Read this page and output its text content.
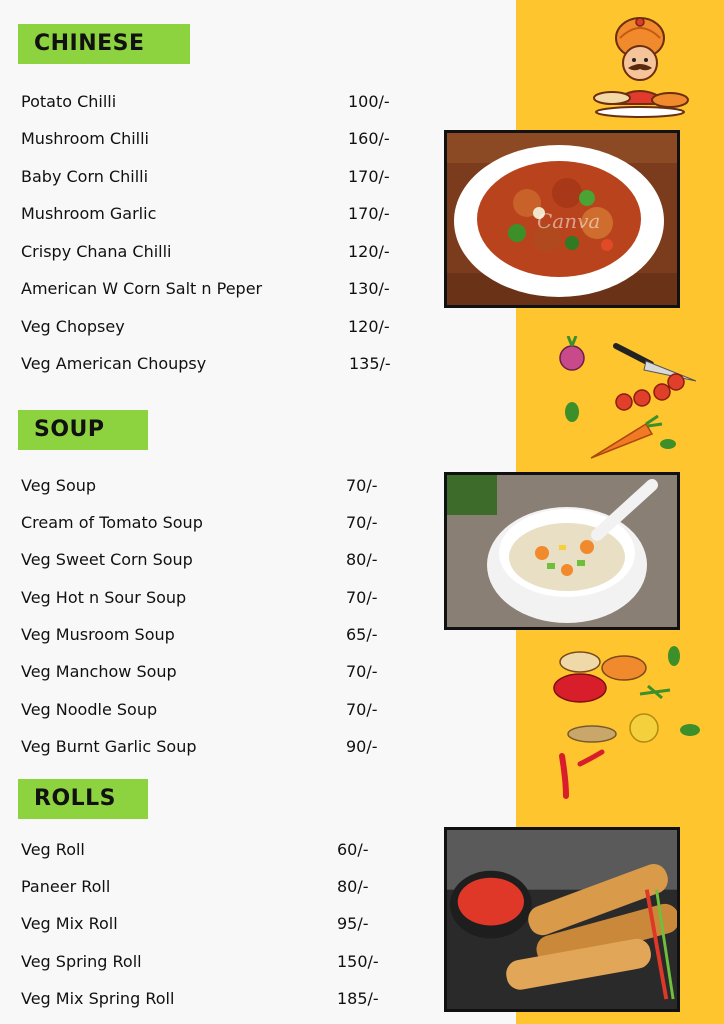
CHINESE
Potato Chilli	100/-
Mushroom Chilli	160/-
Baby Corn Chilli	170/-
Mushroom Garlic	170/-
Crispy Chana Chilli	120/-
American W Corn Salt n Peper	130/-
Veg Chopsey	120/-
Veg American Choupsy	135/-
SOUP
Veg Soup	70/-
Cream of Tomato Soup	70/-
Veg Sweet Corn Soup	80/-
Veg Hot n Sour Soup	70/-
Veg Musroom Soup	65/-
Veg Manchow Soup	70/-
Veg Noodle Soup	70/-
Veg Burnt Garlic Soup	90/-
ROLLS
Veg Roll	60/-
Paneer Roll	80/-
Veg Mix Roll	95/-
Veg Spring Roll	150/-
Veg Mix Spring Roll	185/-
Canva
